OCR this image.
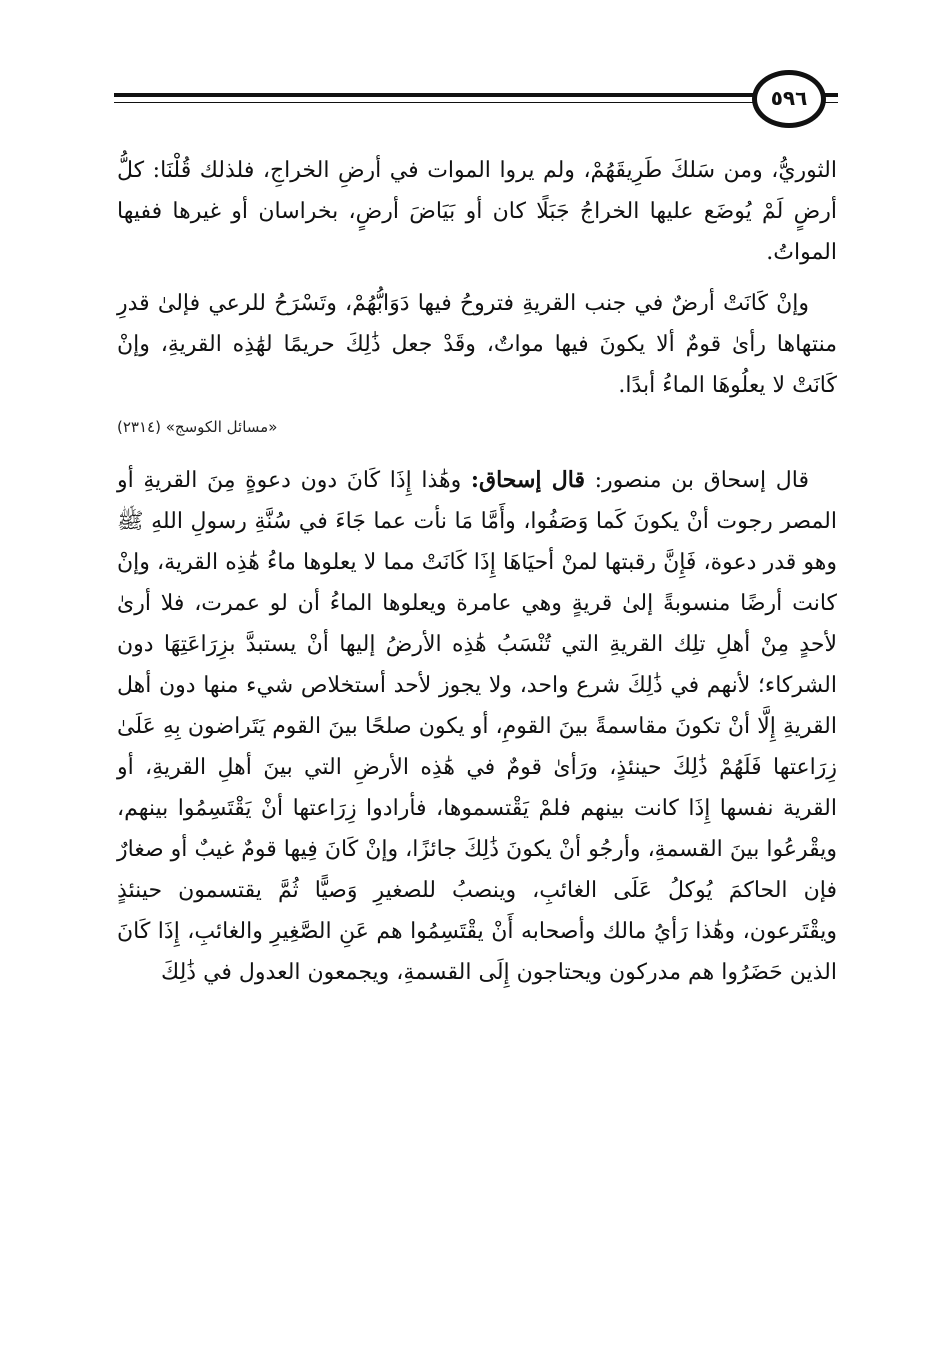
٥٩٦

الثوريُّ، ومن سَلكَ طَرِيقَهُمْ، ولم يروا الموات في أرضِ الخراجِ، فلذلك قُلْنَا: كلُّ أرضٍ لَمْ يُوضَع عليها الخراجُ جَبَلًا كان أو بَيَاضَ أرضٍ، بخراسان أو غيرها ففيها المواتُ.

وإنْ كَانَتْ أرضٌ في جنب القريةِ فتروحُ فيها دَوَابُّهُمْ، وتَسْرَحُ للرعي فإلىٰ قدرِ منتهاها رأىٰ قومٌ ألا يكونَ فيها مواتٌ، وقَدْ جعل ذَٰلِكَ حريمًا لهَٰذِه القريةِ، وإنْ كَانَتْ لا يعلُوهَا الماءُ أبدًا.

«مسائل الكوسج» (٢٣١٤)

قال إسحاق بن منصور: قال إسحاق: وهَٰذا إِذَا كَانَ دون دعوةٍ مِنَ القريةِ أو المصر رجوت أنْ يكونَ كَما وَصَفُوا، وأَمَّا مَا نأت عما جَاءَ في سُنَّةِ رسولِ اللهِ ﷺ وهو قدر دعوة، فَإِنَّ رقبتها لمنْ أحيَاهَا إِذَا كَانَتْ مما لا يعلوها ماءُ هَٰذِه القرية، وإنْ كانت أرضًا منسوبةً إلىٰ قريةٍ وهي عامرة ويعلوها الماءُ أن لو عمرت، فلا أرىٰ لأحدٍ مِنْ أهلِ تلِك القريةِ التي تُنْسَبُ هَٰذِه الأرضُ إليها أنْ يستبدَّ بزِرَاعَتِهَا دون الشركاء؛ لأنهم في ذَٰلِكَ شرع واحد، ولا يجوز لأحد أستخلاص شيء منها دون أهل القريةِ إِلَّا أنْ تكونَ مقاسمةً بينَ القومِ، أو يكون صلحًا بينَ القوم يَتَراضون بِهِ عَلَىٰ زِرَاعتها فَلَهُمْ ذَٰلِكَ حينئذٍ، ورَأىٰ قومٌ في هَٰذِه الأرضِ التي بينَ أهلِ القريةِ، أو القرية نفسها إِذَا كانت بينهم فلمْ يَقْتسموها، فأرادوا زِرَاعتها أنْ يَقْتَسِمُوا بينهم، ويقْرعُوا بينَ القسمةِ، وأرجُو أنْ يكونَ ذَٰلِكَ جائزًا، وإنْ كَانَ فِيها قومٌ غيبٌ أو صغارٌ فإن الحاكمَ يُوكلُ عَلَى الغائبِ، وينصبُ للصغيرِ وَصيًّا ثُمَّ يقتسمون حينئذٍ ويقْتَرعون، وهَٰذا رَأيُ مالك وأصحابه أَنْ يقْتَسِمُوا هم عَنِ الصَّغِيرِ والغائبِ، إِذَا كَانَ الذين حَضَرُوا هم مدركون ويحتاجون إِلَى القسمةِ، ويجمعون العدول في ذَٰلِكَ
